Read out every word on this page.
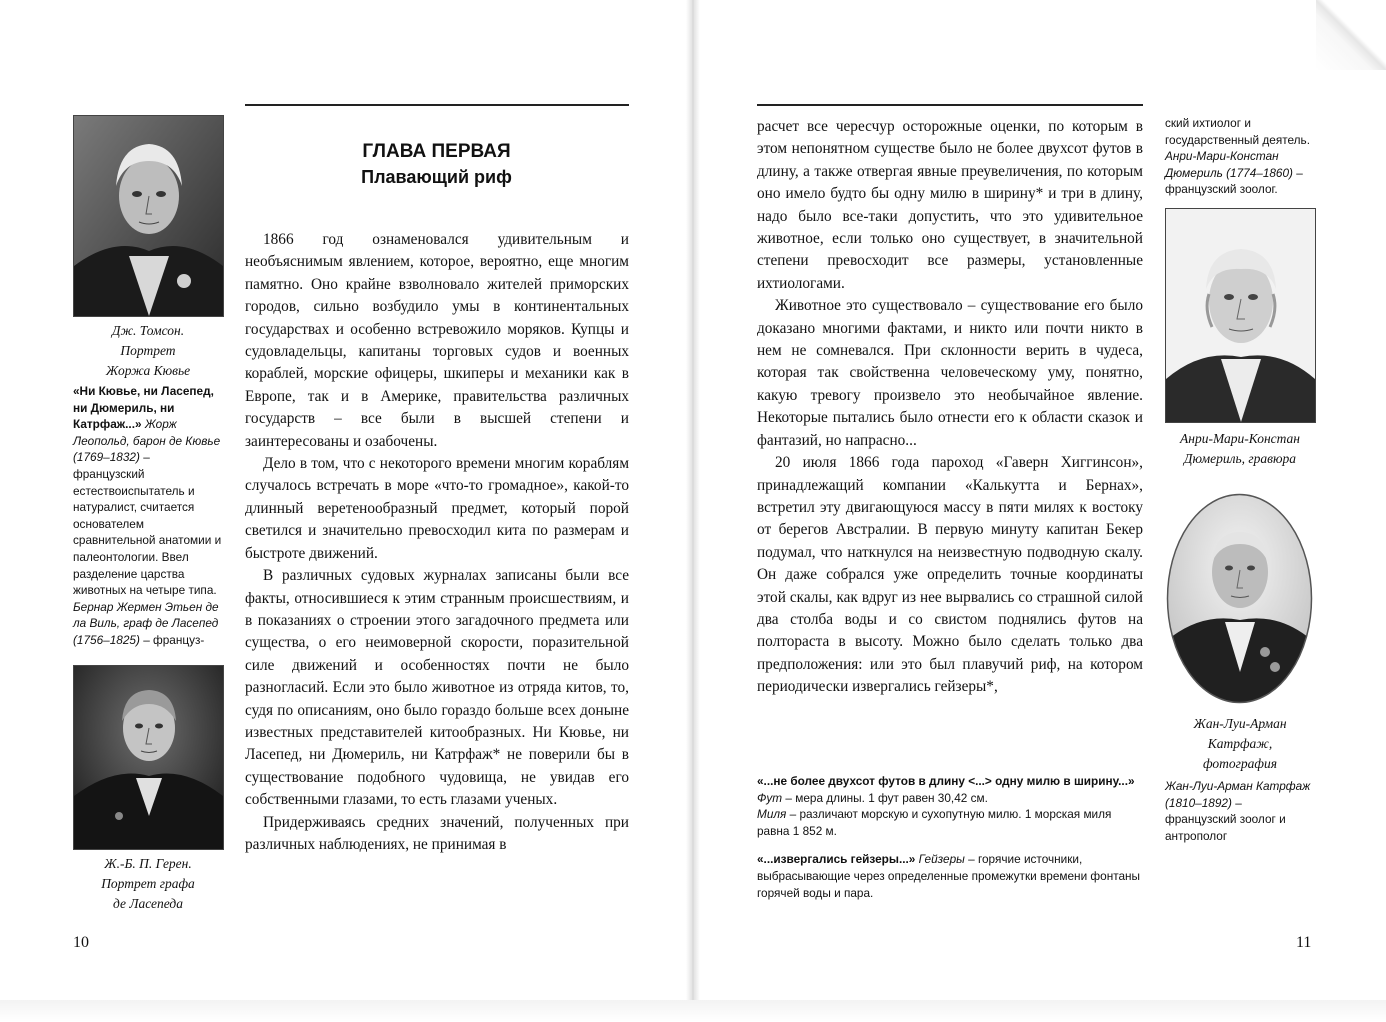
Дж. Томсон.
Портрет
Жоржа Кювье
«Ни Кювье, ни Ласепед, ни Дюмериль, ни Катрфаж...» Жорж Леопольд, барон де Кювье (1769–1832) – французский естествоиспытатель и натуралист, считается основателем сравнительной анатомии и палеонтологии. Ввел разделение царства животных на четыре типа. Бернар Жермен Этьен де ла Виль, граф де Ласепед (1756–1825) – француз-
Ж.-Б. П. Герен.
Портрет графа
де Ласепеда
ГЛАВА ПЕРВАЯ
Плавающий риф

1866 год ознаменовался удивительным и необъяснимым явлением, которое, вероятно, еще многим памятно. Оно крайне взволновало жителей приморских городов, сильно возбудило умы в континентальных государствах и особенно встревожило моряков. Купцы и судовладельцы, капитаны торговых судов и военных кораблей, морские офицеры, шкиперы и механики как в Европе, так и в Америке, правительства различных государств – все были в высшей степени и заинтересованы и озабочены.

Дело в том, что с некоторого времени многим кораблям случалось встречать в море «что-то громадное», какой-то длинный веретенообразный предмет, который порой светился и значительно превосходил кита по размерам и быстроте движений.

В различных судовых журналах записаны были все факты, относившиеся к этим странным происшествиям, и в показаниях о строении этого загадочного предмета или существа, о его неимоверной скорости, поразительной силе движений и особенностях почти не было разногласий. Если это было животное из отряда китов, то, судя по описаниям, оно было гораздо больше всех доныне известных представителей китообразных. Ни Кювье, ни Ласепед, ни Дюмериль, ни Катрфаж* не поверили бы в существование подобного чудовища, не увидав его собственными глазами, то есть глазами ученых.

Придерживаясь средних значений, полученных при различных наблюдениях, не принимая в

10

расчет все чересчур осторожные оценки, по которым в этом непонятном существе было не более двухсот футов в длину, а также отвергая явные преувеличения, по которым оно имело будто бы одну милю в ширину* и три в длину, надо было все-таки допустить, что это удивительное животное, если только оно существует, в значительной степени превосходит все размеры, установленные ихтиологами.

Животное это существовало – существование его было доказано многими фактами, и никто или почти никто в нем не сомневался. При склонности верить в чудеса, которая так свойственна человеческому уму, понятно, какую тревогу произвело это необычайное явление. Некоторые пытались было отнести его к области сказок и фантазий, но напрасно...

20 июля 1866 года пароход «Гаверн Хиггинсон», принадлежащий компании «Калькутта и Бернах», встретил эту двигающуюся массу в пяти милях к востоку от берегов Австралии. В первую минуту капитан Бекер подумал, что наткнулся на неизвестную подводную скалу. Он даже собрался уже определить точные координаты этой скалы, как вдруг из нее вырвались со страшной силой два столба воды и со свистом поднялись футов на полтораста в высоту. Можно было сделать только два предположения: или это был плавучий риф, на котором периодически извергались гейзеры*,

ский ихтиолог и государственный деятель. Анри-Мари-Констан Дюмериль (1774–1860) – французский зоолог.
Анри-Мари-Констан
Дюмериль, гравюра
Жан-Луи-Арман
Катрфаж,
фотография
Жан-Луи-Арман Катрфаж (1810–1892) – французский зоолог и антрополог
«...не более двухсот футов в длину <...> одну милю в ширину...»
Фут – мера длины. 1 фут равен 30,42 см.
Миля – различают морскую и сухопутную милю. 1 морская миля равна 1 852 м.
«...извергались гейзеры...» Гейзеры – горячие источники, выбрасывающие через определенные промежутки времени фонтаны горячей воды и пара.
11
